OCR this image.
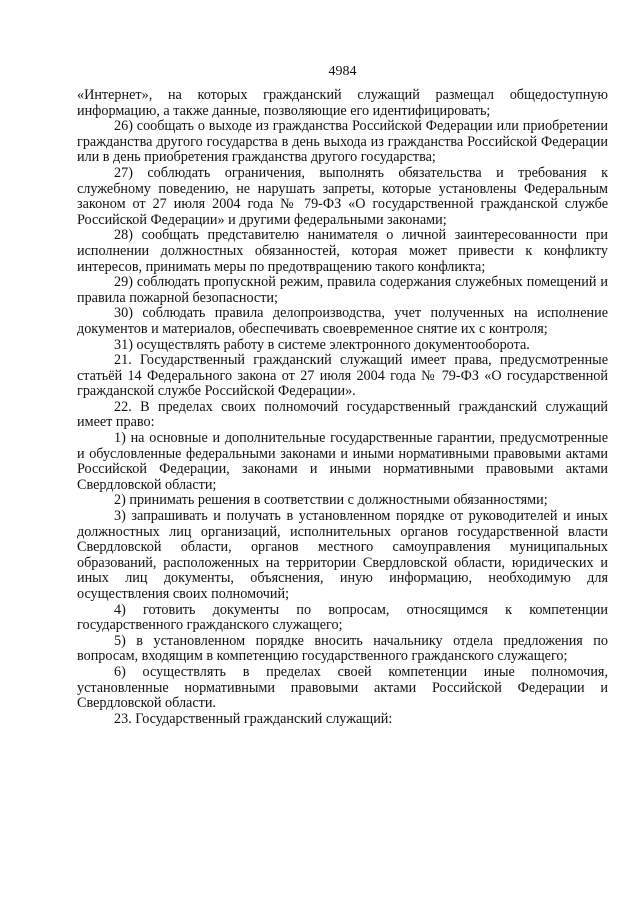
4984

«Интернет», на которых гражданский служащий размещал общедоступную информацию, а также данные, позволяющие его идентифицировать;

26) сообщать о выходе из гражданства Российской Федерации или приобретении гражданства другого государства в день выхода из гражданства Российской Федерации или в день приобретения гражданства другого государства;

27) соблюдать ограничения, выполнять обязательства и требования к служебному поведению, не нарушать запреты, которые установлены Федеральным законом от 27 июля 2004 года № 79-ФЗ «О государственной гражданской службе Российской Федерации» и другими федеральными законами;

28) сообщать представителю нанимателя о личной заинтересованности при исполнении должностных обязанностей, которая может привести к конфликту интересов, принимать меры по предотвращению такого конфликта;

29) соблюдать пропускной режим, правила содержания служебных помещений и правила пожарной безопасности;

30) соблюдать правила делопроизводства, учет полученных на исполнение документов и материалов, обеспечивать своевременное снятие их с контроля;

31) осуществлять работу в системе электронного документооборота.

21. Государственный гражданский служащий имеет права, предусмотренные статьёй 14 Федерального закона от 27 июля 2004 года № 79-ФЗ «О государственной гражданской службе Российской Федерации».

22. В пределах своих полномочий государственный гражданский служащий имеет право:

1) на основные и дополнительные государственные гарантии, предусмотренные и обусловленные федеральными законами и иными нормативными правовыми актами Российской Федерации, законами и иными нормативными правовыми актами Свердловской области;

2) принимать решения в соответствии с должностными обязанностями;

3) запрашивать и получать в установленном порядке от руководителей и иных должностных лиц организаций, исполнительных органов государственной власти Свердловской области, органов местного самоуправления муниципальных образований, расположенных на территории Свердловской области, юридических и иных лиц документы, объяснения, иную информацию, необходимую для осуществления своих полномочий;

4) готовить документы по вопросам, относящимся к компетенции государственного гражданского служащего;

5) в установленном порядке вносить начальнику отдела предложения по вопросам, входящим в компетенцию государственного гражданского служащего;

6) осуществлять в пределах своей компетенции иные полномочия, установленные нормативными правовыми актами Российской Федерации и Свердловской области.

23. Государственный гражданский служащий:
